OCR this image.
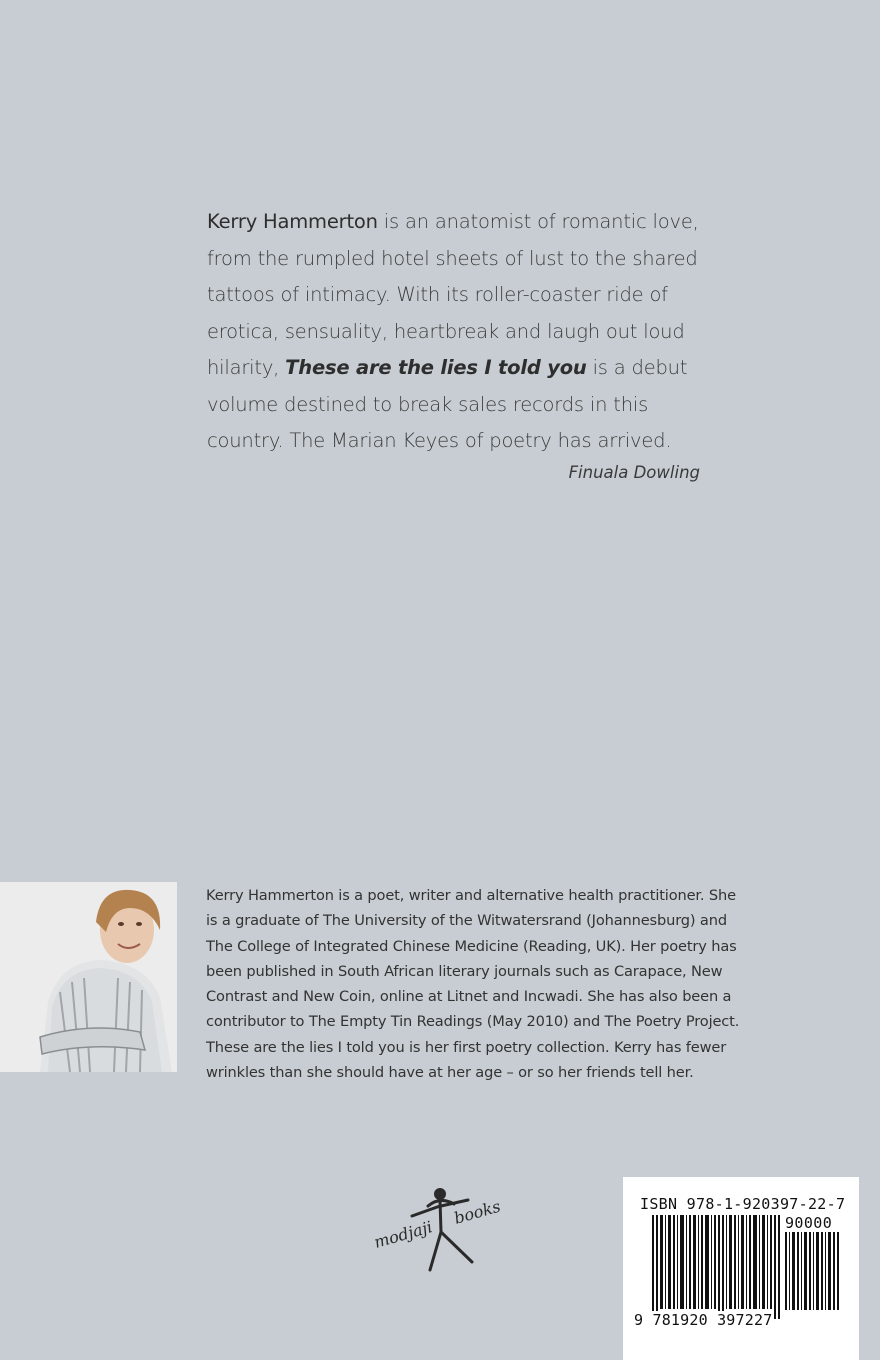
Kerry Hammerton is an anatomist of romantic love, from the rumpled hotel sheets of lust to the shared tattoos of intimacy. With its roller-coaster ride of erotica, sensuality, heartbreak and laugh out loud hilarity, These are the lies I told you is a debut volume destined to break sales records in this country. The Marian Keyes of poetry has arrived.
Finuala Dowling
Kerry Hammerton is a poet, writer and alternative health practitioner. She is a graduate of The University of the Witwatersrand (Johannesburg) and The College of Integrated Chinese Medicine (Reading, UK). Her poetry has been published in South African literary journals such as Carapace, New Contrast and New Coin, online at Litnet and Incwadi. She has also been a contributor to The Empty Tin Readings (May 2010) and The Poetry Project. These are the lies I told you is her first poetry collection. Kerry has fewer wrinkles than she should have at her age – or so her friends tell her.
modjaji
books	ISBN 978-1-920397-22-7
90000
9 781920 397227
